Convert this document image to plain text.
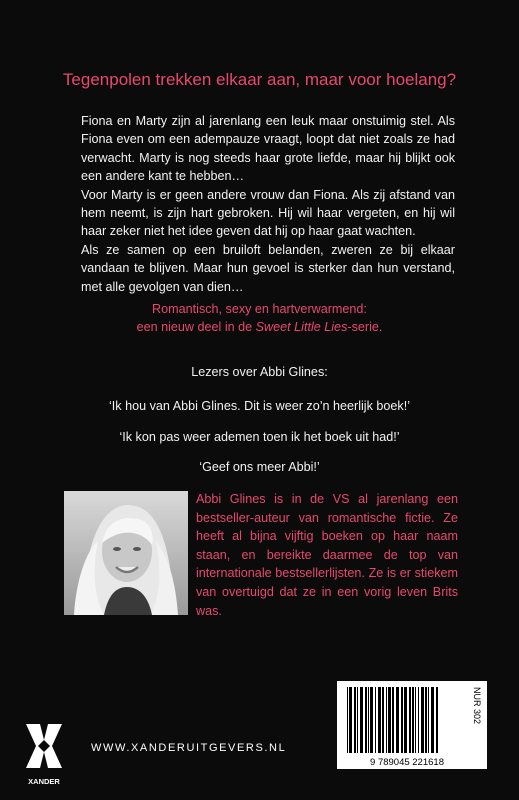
Tegenpolen trekken elkaar aan, maar voor hoelang?

Fiona en Marty zijn al jarenlang een leuk maar onstuimig stel. Als Fiona even om een adempauze vraagt, loopt dat niet zoals ze had verwacht. Marty is nog steeds haar grote liefde, maar hij blijkt ook een andere kant te hebben…

Voor Marty is er geen andere vrouw dan Fiona. Als zij afstand van hem neemt, is zijn hart gebroken. Hij wil haar vergeten, en hij wil haar zeker niet het idee geven dat hij op haar gaat wachten.

Als ze samen op een bruiloft belanden, zweren ze bij elkaar vandaan te blijven. Maar hun gevoel is sterker dan hun verstand, met alle gevolgen van dien…

Romantisch, sexy en hartverwarmend:
een nieuw deel in de Sweet Little Lies-serie.
Lezers over Abbi Glines:
‘Ik hou van Abbi Glines. Dit is weer zo’n heerlijk boek!’
‘Ik kon pas weer ademen toen ik het boek uit had!’
‘Geef ons meer Abbi!’
Abbi Glines is in de VS al jarenlang een bestseller-auteur van romantische fictie. Ze heeft al bijna vijftig boeken op haar naam staan, en bereikte daarmee de top van internationale bestsellerlijsten. Ze is er stiekem van overtuigd dat ze in een vorig leven Brits was.
9 789045 221618
NUR 302
XANDER
WWW.XANDERUITGEVERS.NL
